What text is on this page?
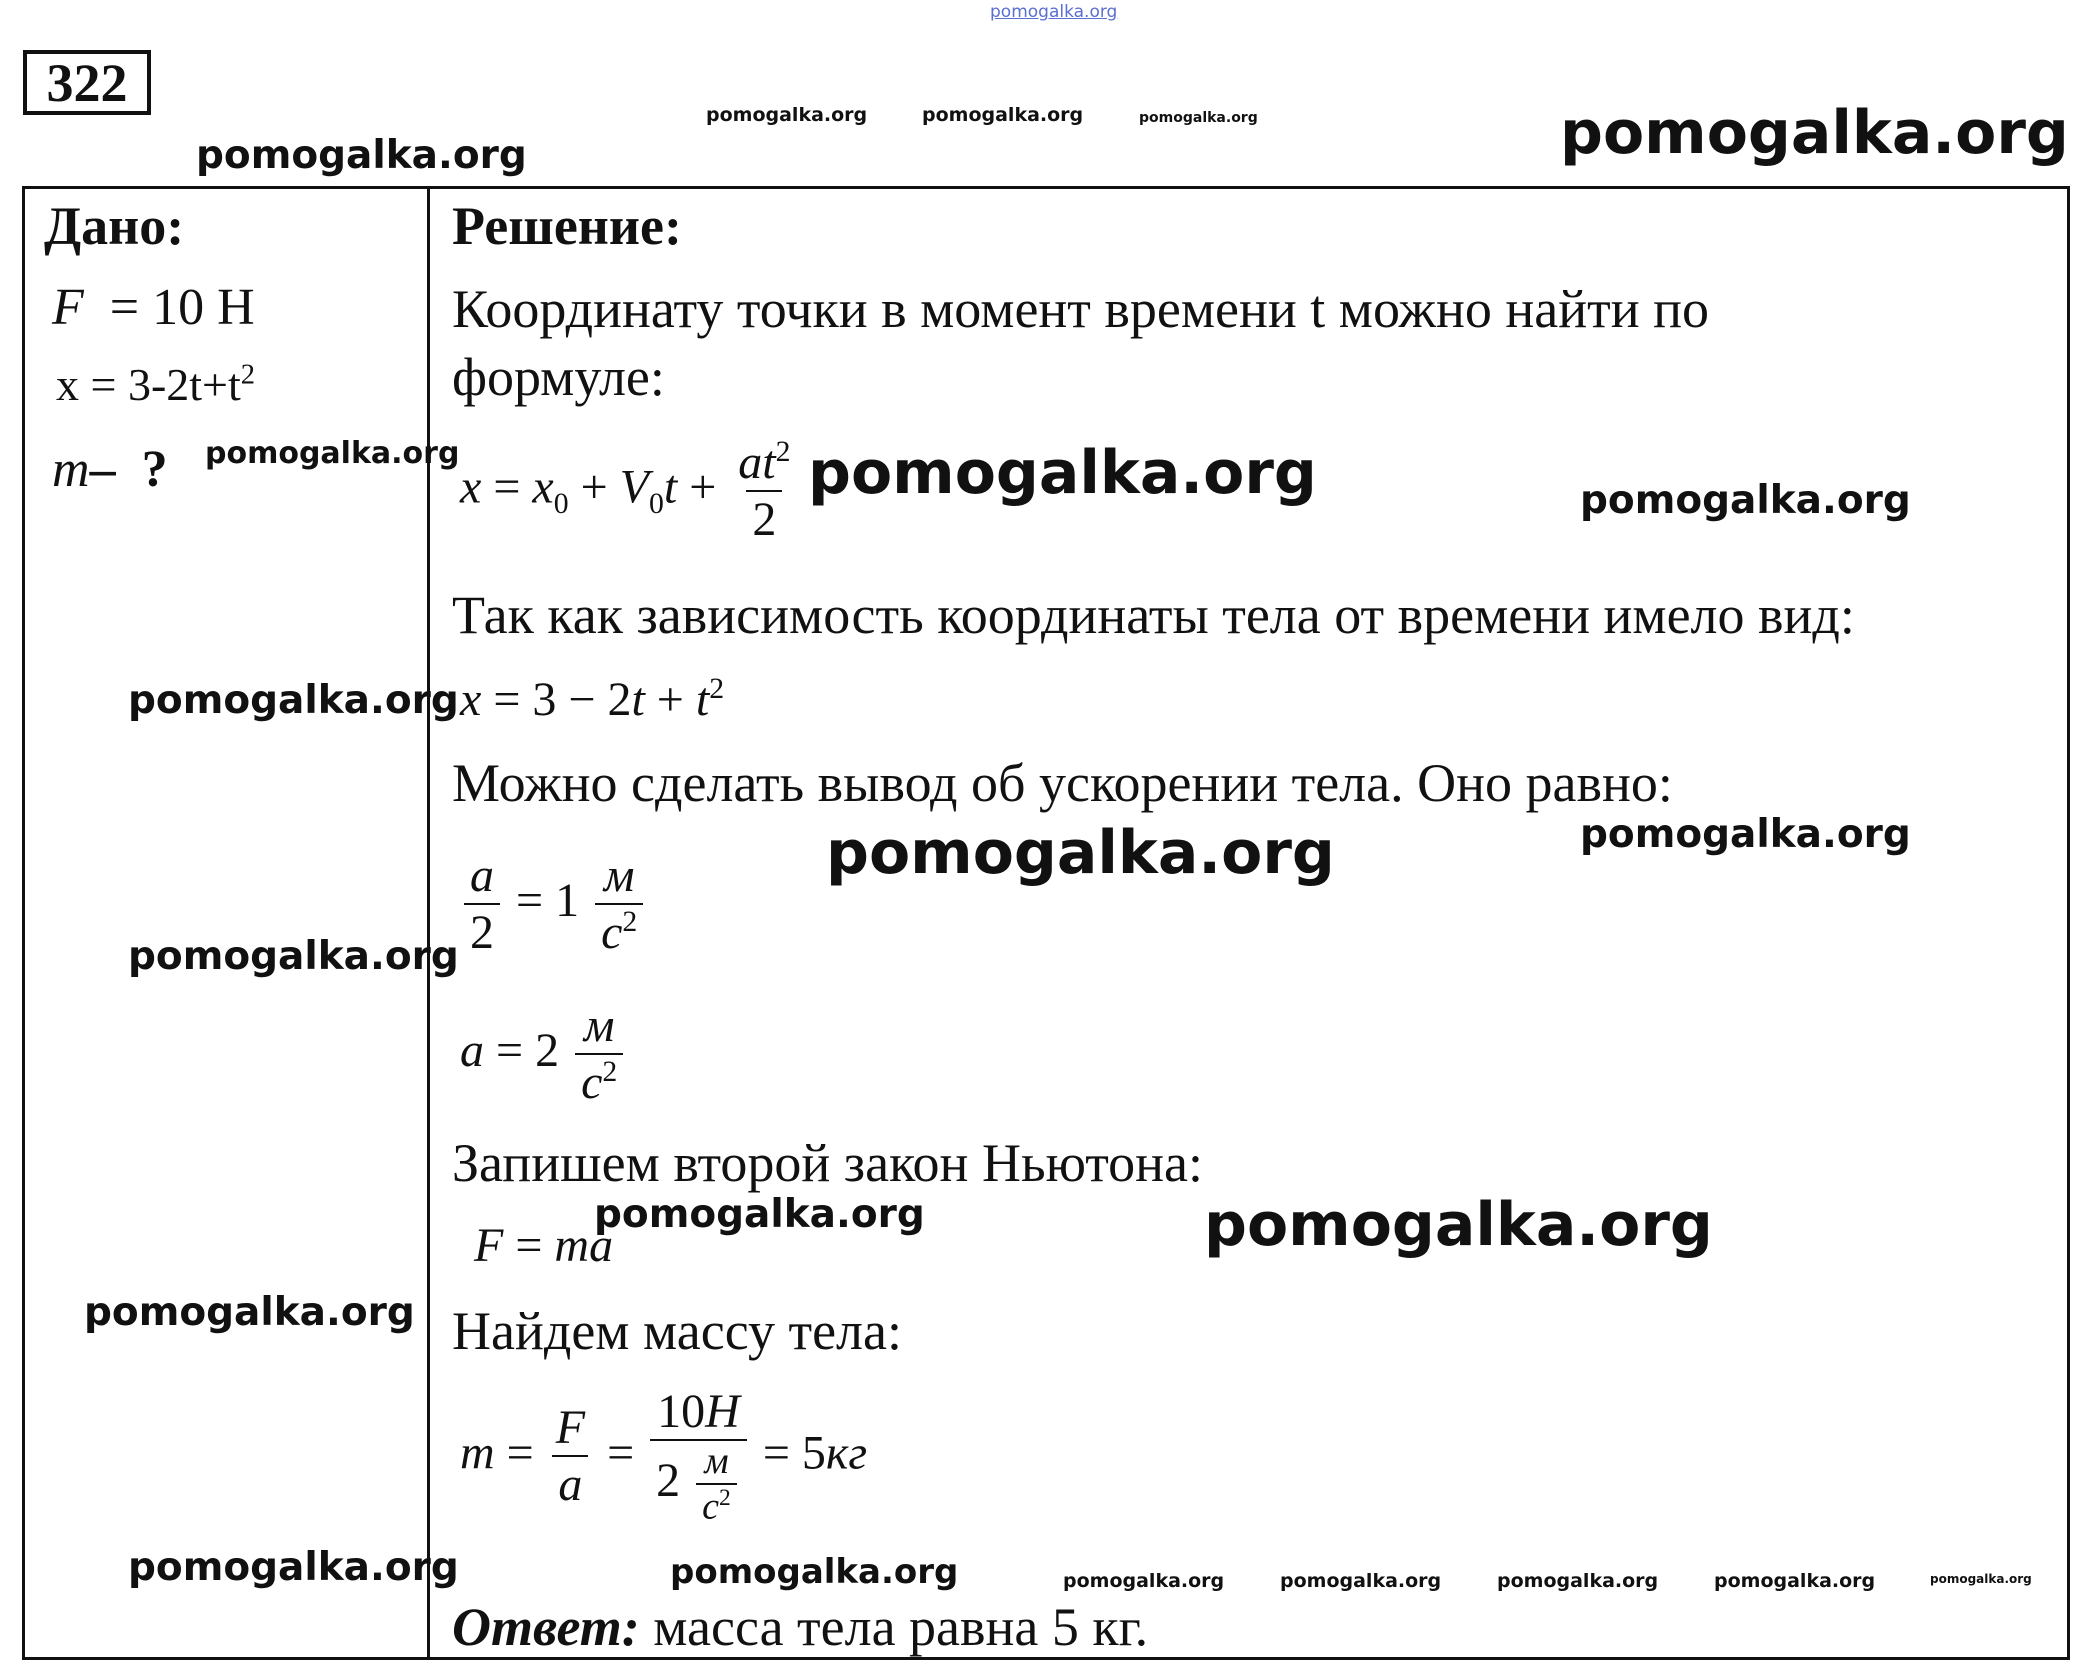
pomogalka.org
322
pomogalka.org
pomogalka.org	pomogalka.org	pomogalka.org	pomogalka.org
Дано:
F  = 10 Н
$x = 3-2t+t^2$
m–  ? pomogalka.org
pomogalka.org
pomogalka.org
pomogalka.org
pomogalka.org
Решение:
Координату точки в момент времени t можно найти по
формуле:
$x = x_0 + V_0t + \frac{at^2}{2}$ pomogalka.org	pomogalka.org
Так как зависимость координаты тела от времени имело вид:
$x = 3 - 2t + t^2$
Можно сделать вывод об ускорении тела. Оно равно:
pomogalka.org	pomogalka.org
$\frac{a}{2} = 1 \frac{м}{с^2}$
$a = 2 \frac{м}{с^2}$
Запишем второй закон Ньютона:
F = ma
pomogalka.org	pomogalka.org
Найдем массу тела:
$m = \frac{F}{a} = \frac{10Н}{2 \frac{м}{с^2}} = 5кг$
pomogalka.org	pomogalka.org	pomogalka.org	pomogalka.org	pomogalka.org	pomogalka.org
Ответ: масса тела равна 5 кг.
